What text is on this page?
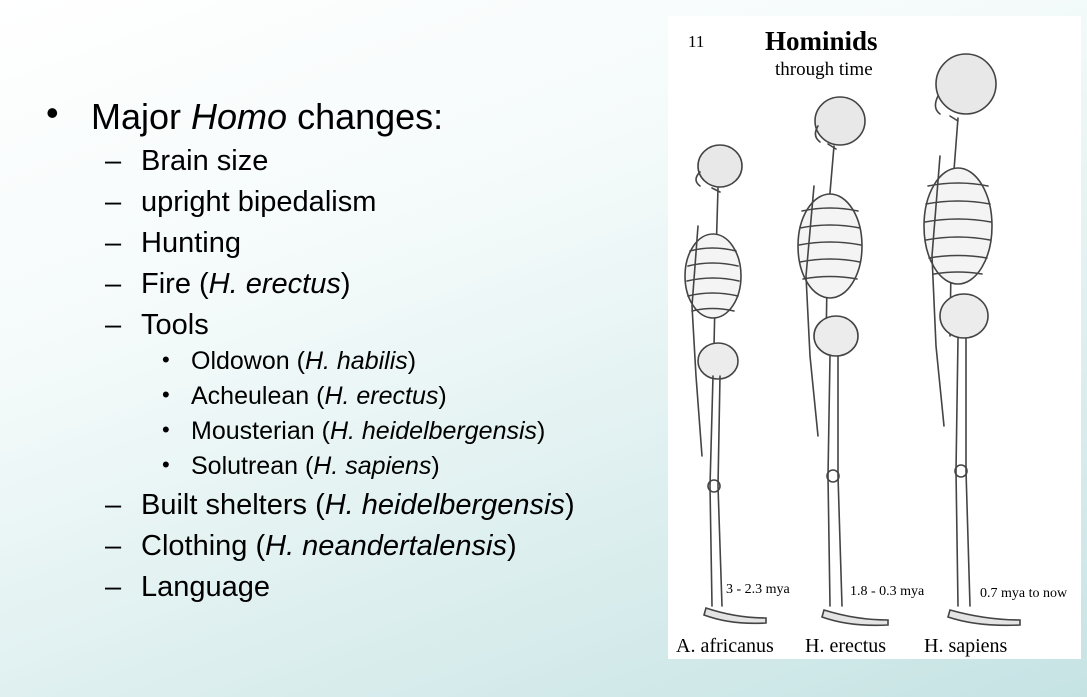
• Major Homo changes:
– Brain size
– upright bipedalism
– Hunting
– Fire (H. erectus)
– Tools
• Oldowon (H. habilis)
• Acheulean (H. erectus)
• Mousterian (H. heidelbergensis)
• Solutrean (H. sapiens)
– Built shelters (H. heidelbergensis)
– Clothing (H. neandertalensis)
– Language
11 Hominids
through time
3 - 2.3 mya	1.8 - 0.3 mya	0.7 mya to now
A. africanus H. erectus H. sapiens
